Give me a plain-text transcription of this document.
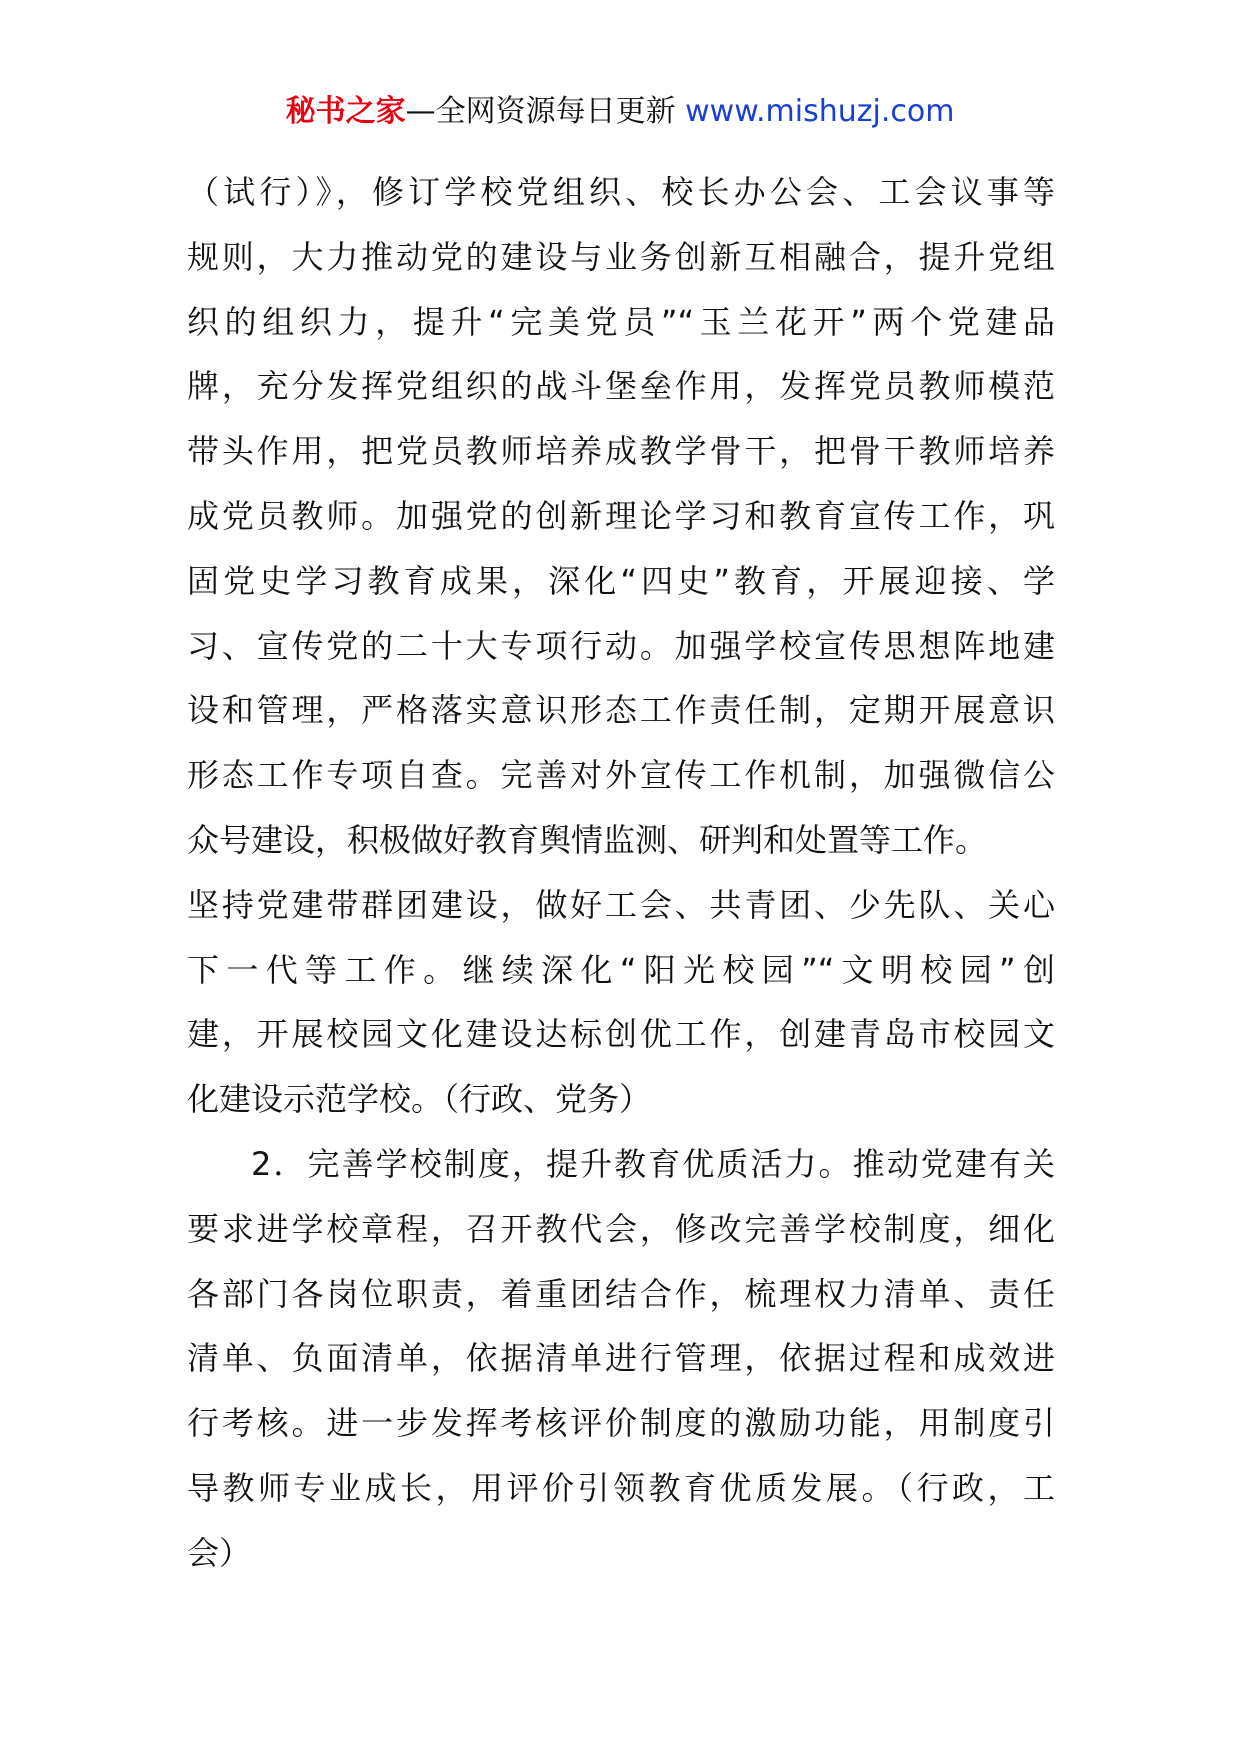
秘书之家—全网资源每日更新 www.mishuzj.com
（试行）》，修订学校党组织、校长办公会、工会议事等
规则，大力推动党的建设与业务创新互相融合，提升党组
织的组织力，提升“完美党员”“玉兰花开”两个党建品
牌，充分发挥党组织的战斗堡垒作用，发挥党员教师模范
带头作用，把党员教师培养成教学骨干，把骨干教师培养
成党员教师。加强党的创新理论学习和教育宣传工作，巩
固党史学习教育成果，深化“四史”教育，开展迎接、学
习、宣传党的二十大专项行动。加强学校宣传思想阵地建
设和管理，严格落实意识形态工作责任制，定期开展意识
形态工作专项自查。完善对外宣传工作机制，加强微信公
众号建设，积极做好教育舆情监测、研判和处置等工作。
坚持党建带群团建设，做好工会、共青团、少先队、关心
下一代等工作。继续深化“阳光校园”“文明校园”创
建，开展校园文化建设达标创优工作，创建青岛市校园文
化建设示范学校。（行政、党务）
2．完善学校制度，提升教育优质活力。推动党建有关
要求进学校章程，召开教代会，修改完善学校制度，细化
各部门各岗位职责，着重团结合作，梳理权力清单、责任
清单、负面清单，依据清单进行管理，依据过程和成效进
行考核。进一步发挥考核评价制度的激励功能，用制度引
导教师专业成长，用评价引领教育优质发展。（行政，工
会）
